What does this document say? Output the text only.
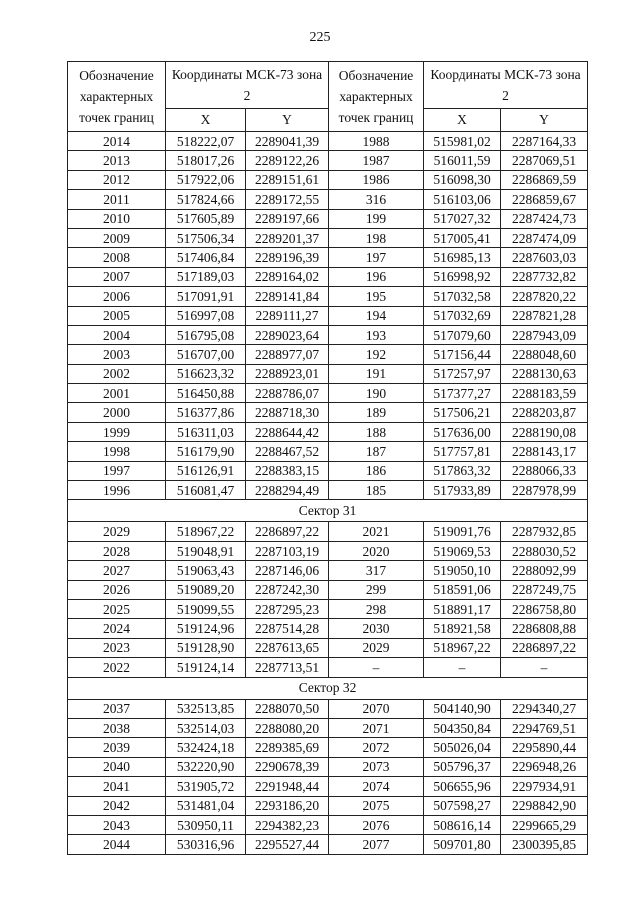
225
Обозначение характерных точек границ	Координаты МСК-73 зона 2		Обозначение характерных точек границ	Координаты МСК-73 зона 2	
	X	Y		X	Y
2014	518222,07	2289041,39	1988	515981,02	2287164,33
2013	518017,26	2289122,26	1987	516011,59	2287069,51
2012	517922,06	2289151,61	1986	516098,30	2286869,59
2011	517824,66	2289172,55	316	516103,06	2286859,67
2010	517605,89	2289197,66	199	517027,32	2287424,73
2009	517506,34	2289201,37	198	517005,41	2287474,09
2008	517406,84	2289196,39	197	516985,13	2287603,03
2007	517189,03	2289164,02	196	516998,92	2287732,82
2006	517091,91	2289141,84	195	517032,58	2287820,22
2005	516997,08	2289111,27	194	517032,69	2287821,28
2004	516795,08	2289023,64	193	517079,60	2287943,09
2003	516707,00	2288977,07	192	517156,44	2288048,60
2002	516623,32	2288923,01	191	517257,97	2288130,63
2001	516450,88	2288786,07	190	517377,27	2288183,59
2000	516377,86	2288718,30	189	517506,21	2288203,87
1999	516311,03	2288644,42	188	517636,00	2288190,08
1998	516179,90	2288467,52	187	517757,81	2288143,17
1997	516126,91	2288383,15	186	517863,32	2288066,33
1996	516081,47	2288294,49	185	517933,89	2287978,99
Сектор 31					
2029	518967,22	2286897,22	2021	519091,76	2287932,85
2028	519048,91	2287103,19	2020	519069,53	2288030,52
2027	519063,43	2287146,06	317	519050,10	2288092,99
2026	519089,20	2287242,30	299	518591,06	2287249,75
2025	519099,55	2287295,23	298	518891,17	2286758,80
2024	519124,96	2287514,28	2030	518921,58	2286808,88
2023	519128,90	2287613,65	2029	518967,22	2286897,22
2022	519124,14	2287713,51	–	–	–
Сектор 32					
2037	532513,85	2288070,50	2070	504140,90	2294340,27
2038	532514,03	2288080,20	2071	504350,84	2294769,51
2039	532424,18	2289385,69	2072	505026,04	2295890,44
2040	532220,90	2290678,39	2073	505796,37	2296948,26
2041	531905,72	2291948,44	2074	506655,96	2297934,91
2042	531481,04	2293186,20	2075	507598,27	2298842,90
2043	530950,11	2294382,23	2076	508616,14	2299665,29
2044	530316,96	2295527,44	2077	509701,80	2300395,85
